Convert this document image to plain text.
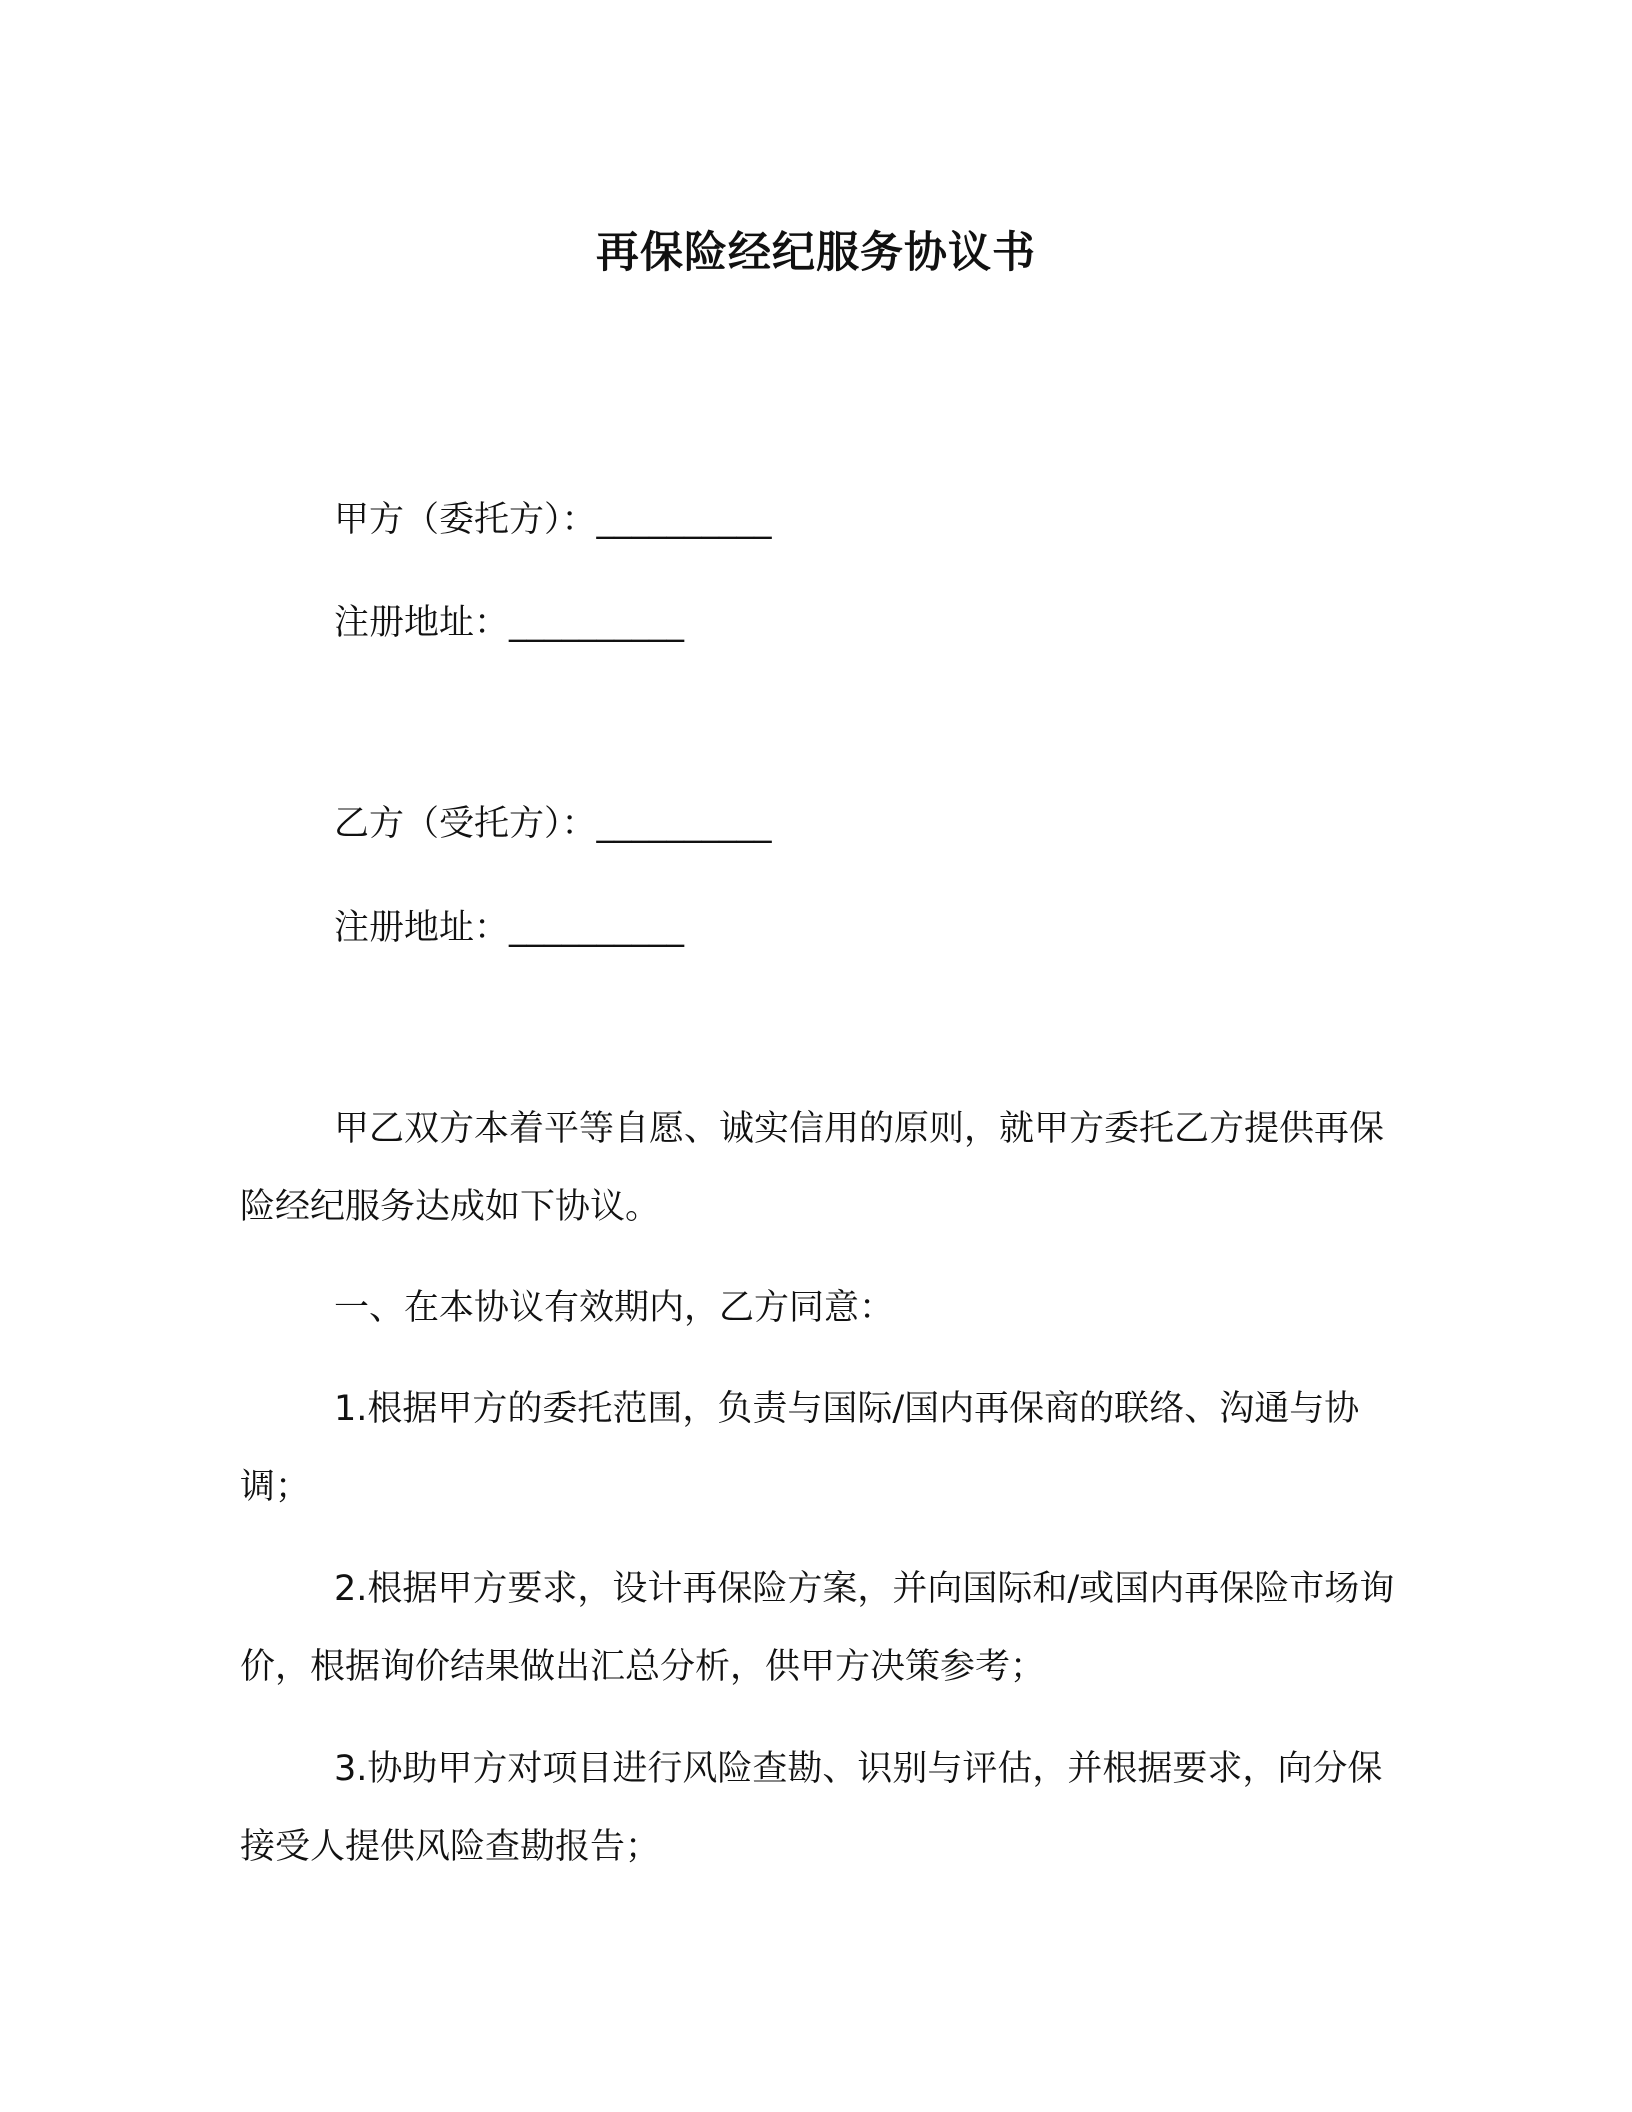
再保险经纪服务协议书
甲方（委托方）：__________
注册地址：__________
乙方（受托方）：__________
注册地址：__________

甲乙双方本着平等自愿、诚实信用的原则，就甲方委托乙方提供再保险经纪服务达成如下协议。

一、在本协议有效期内，乙方同意：

1.根据甲方的委托范围，负责与国际/国内再保商的联络、沟通与协调；

2.根据甲方要求，设计再保险方案，并向国际和/或国内再保险市场询价，根据询价结果做出汇总分析，供甲方决策参考；

3.协助甲方对项目进行风险查勘、识别与评估，并根据要求，向分保接受人提供风险查勘报告；
